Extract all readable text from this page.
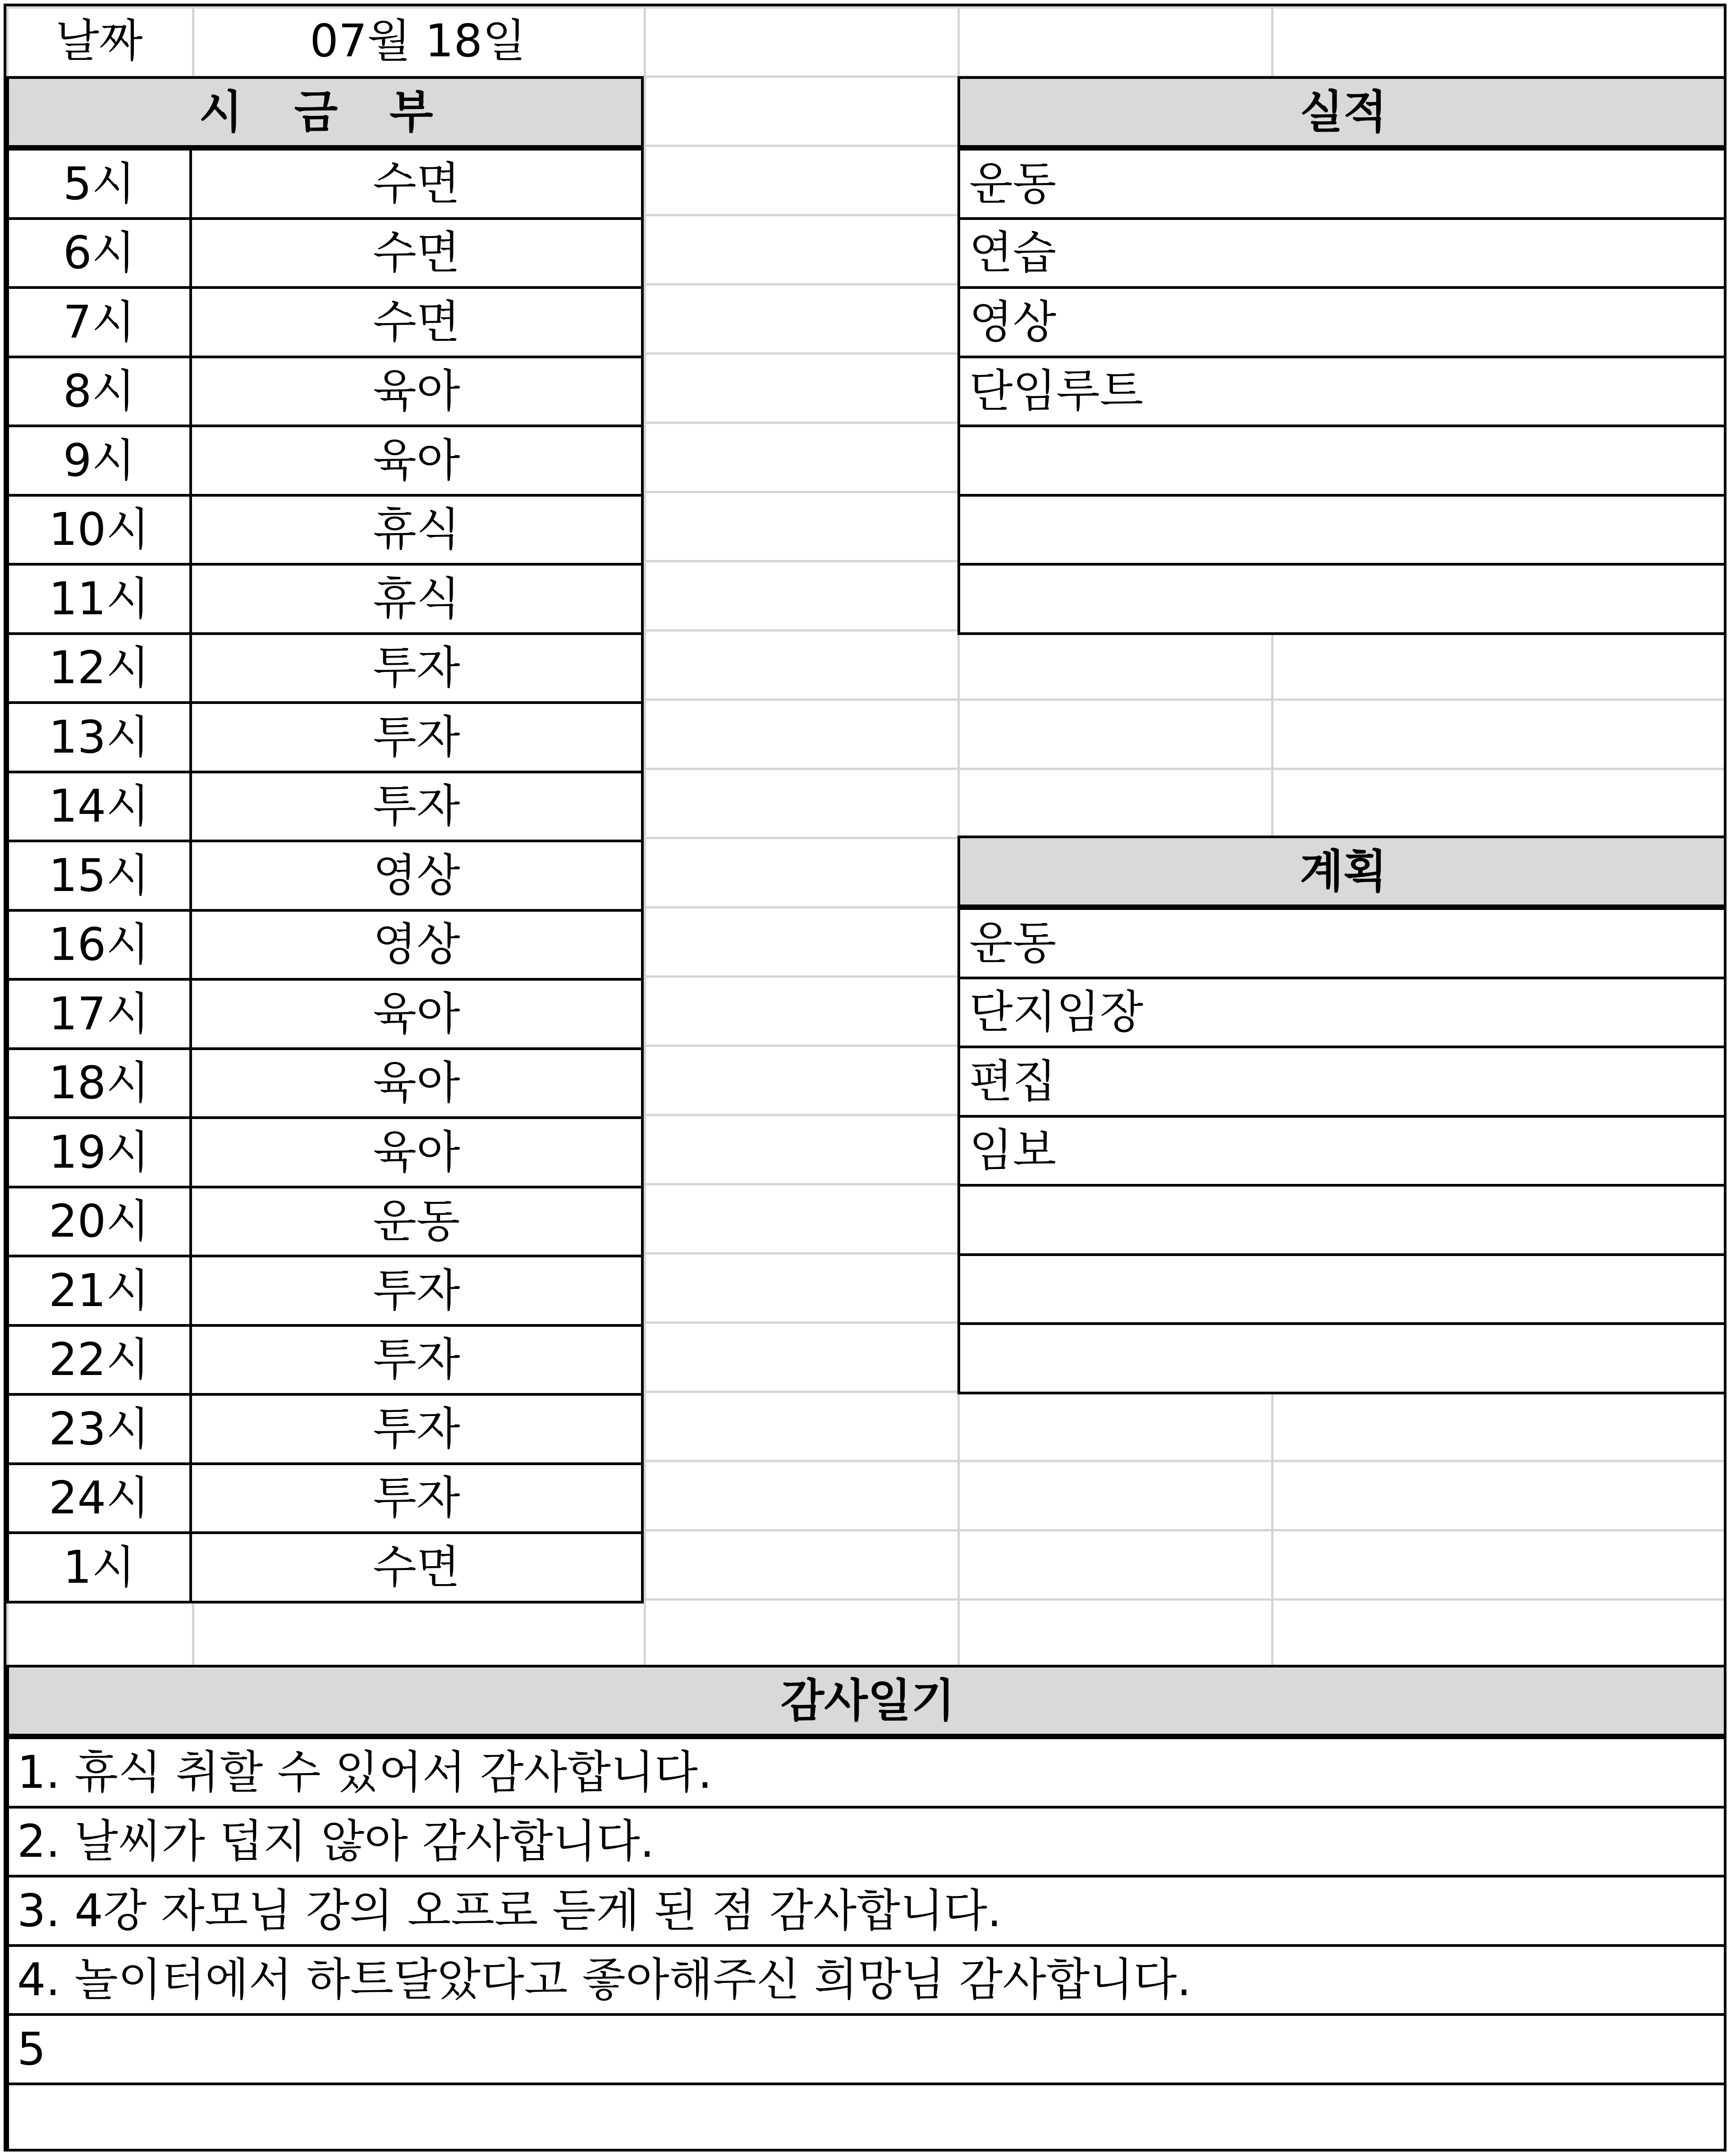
날짜	07월 18일
시 금 부
5시	수면
6시	수면
7시	수면
8시	육아
9시	육아
10시	휴식
11시	휴식
12시	투자
13시	투자
14시	투자
15시	영상
16시	영상
17시	육아
18시	육아
19시	육아
20시	운동
21시	투자
22시	투자
23시	투자
24시	투자
1시	수면
실적
운동
연습
영상
단임루트
계획
운동
단지임장
편집
임보
감사일기
1. 휴식 취할 수 있어서 감사합니다.
2. 날씨가 덥지 않아 감사합니다.
3. 4강 자모님 강의 오프로 듣게 된 점 감사합니다.
4. 놀이터에서 하트달았다고 좋아해주신 희망님 감사합니다.
5
